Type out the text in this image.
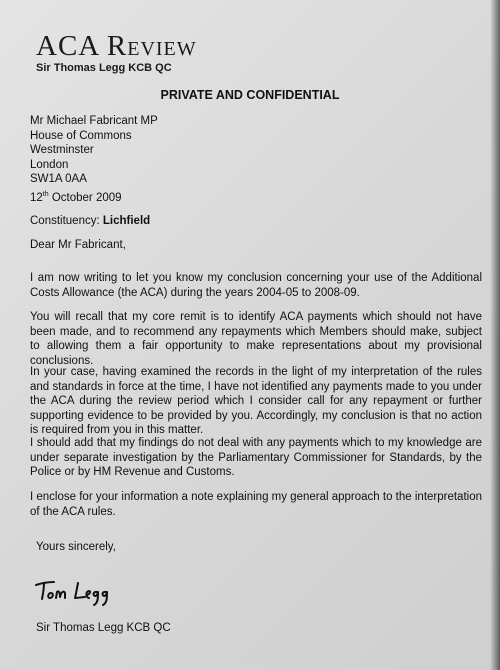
ACA Review
Sir Thomas Legg KCB QC
PRIVATE AND CONFIDENTIAL
Mr Michael Fabricant MP
House of Commons
Westminster
London
SW1A 0AA
12th October 2009
Constituency: Lichfield
Dear Mr Fabricant,

I am now writing to let you know my conclusion concerning your use of the Additional Costs Allowance (the ACA) during the years 2004-05 to 2008-09.

You will recall that my core remit is to identify ACA payments which should not have been made, and to recommend any repayments which Members should make, subject to allowing them a fair opportunity to make representations about my provisional conclusions.

In your case, having examined the records in the light of my interpretation of the rules and standards in force at the time, I have not identified any payments made to you under the ACA during the review period which I consider call for any repayment or further supporting evidence to be provided by you. Accordingly, my conclusion is that no action is required from you in this matter.

I should add that my findings do not deal with any payments which to my knowledge are under separate investigation by the Parliamentary Commissioner for Standards, by the Police or by HM Revenue and Customs.

I enclose for your information a note explaining my general approach to the interpretation of the ACA rules.

Yours sincerely,
Sir Thomas Legg KCB QC
